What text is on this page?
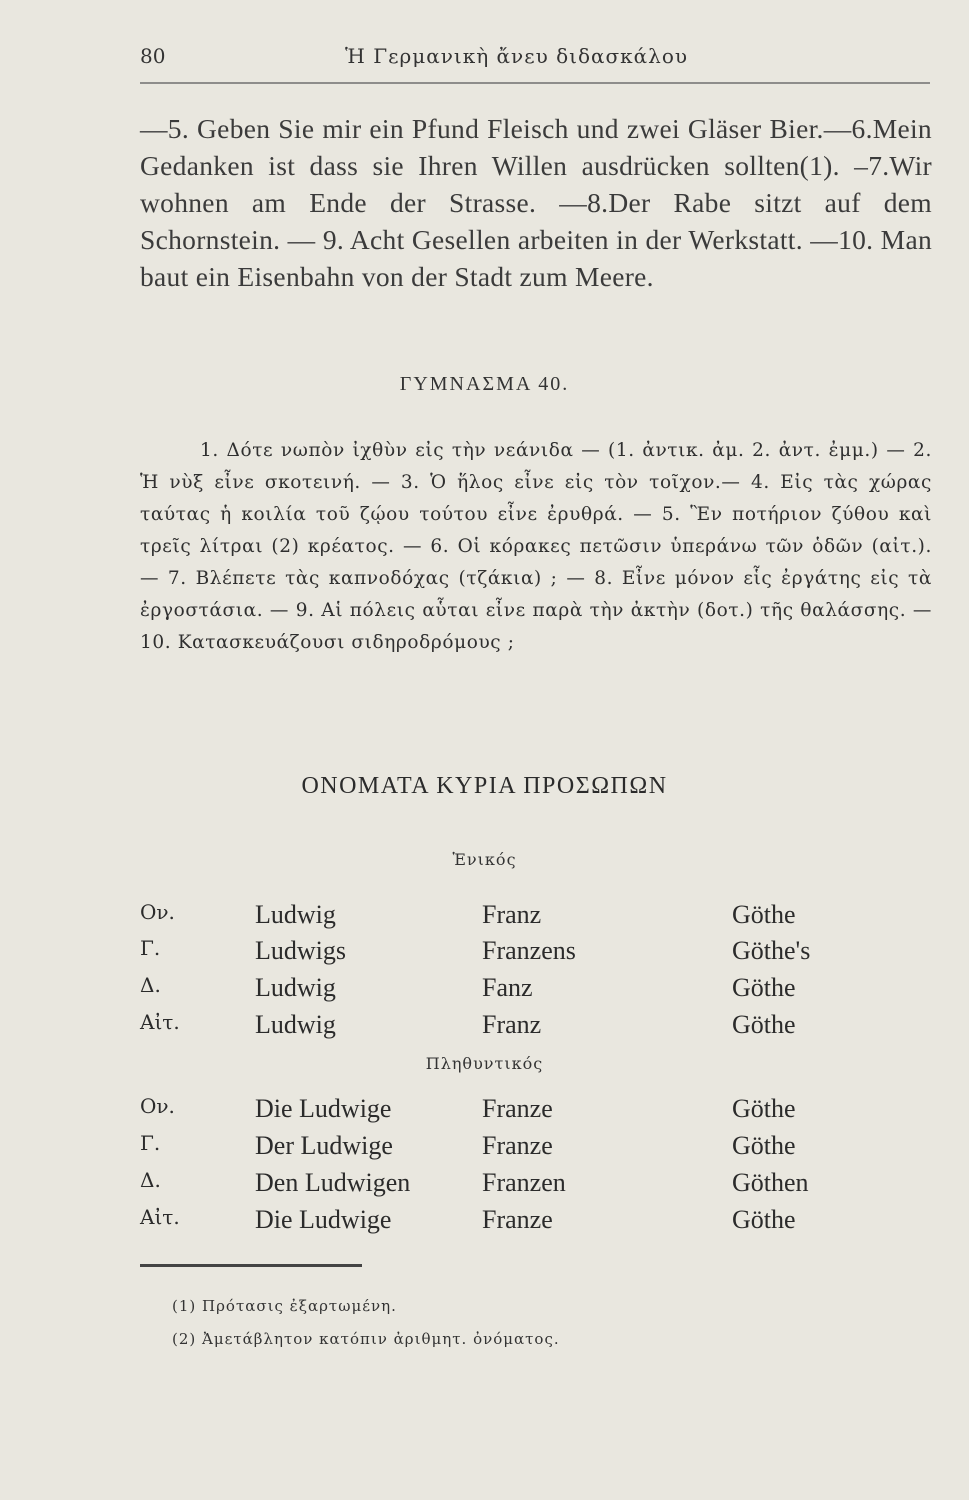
80	Ἡ Γερμανικὴ ἄνευ διδασκάλου

—5. Geben Sie mir ein Pfund Fleisch und zwei Gläser Bier.—6.Mein Gedanken ist dass sie Ihren Willen ausdrücken sollten(1). –7.Wir wohnen am Ende der Strasse. —8.Der Rabe sitzt auf dem Schornstein. — 9. Acht Gesellen arbeiten in der Werkstatt. —10. Man baut ein Eisenbahn von der Stadt zum Meere.

ΓΥΜΝΑΣΜΑ 40.

1. Δότε νωπὸν ἰχθὺν εἰς τὴν νεάνιδα — (1. ἀντικ. ἀμ. 2. ἀντ. ἐμμ.) — 2. Ἡ νὺξ εἶνε σκοτεινή. — 3. Ὁ ἥλος εἶνε εἰς τὸν τοῖχον.— 4. Εἰς τὰς χώρας ταύτας ἡ κοιλία τοῦ ζῴου τούτου εἶνε ἐρυθρά. — 5. Ἓν ποτήριον ζύθου καὶ τρεῖς λίτραι (2) κρέατος. — 6. Οἱ κόρακες πετῶσιν ὑπεράνω τῶν ὁδῶν (αἰτ.). — 7. Βλέπετε τὰς καπνοδόχας (τζάκια) ; — 8. Εἶνε μόνον εἷς ἐργάτης εἰς τὰ ἐργοστάσια. — 9. Αἱ πόλεις αὗται εἶνε παρὰ τὴν ἀκτὴν (δοτ.) τῆς θαλάσσης. — 10. Κατασκευάζουσι σιδηροδρόμους ;

ΟΝΟΜΑΤΑ ΚΥΡΙΑ ΠΡΟΣΩΠΩΝ
Ἑνικός
Ον.	Ludwig	Franz	Göthe
Γ.	Ludwigs	Franzens	Göthe's
Δ.	Ludwig	Fanz	Göthe
Αἰτ.	Ludwig	Franz	Göthe
Πληθυντικός
Ον.	Die Ludwige	Franze	Göthe
Γ.	Der Ludwige	Franze	Göthe
Δ.	Den Ludwigen	Franzen	Göthen
Αἰτ.	Die Ludwige	Franze	Göthe
(1) Πρότασις ἐξαρτωμένη.
(2) Ἀμετάβλητον κατόπιν ἀριθμητ. ὀνόματος.
